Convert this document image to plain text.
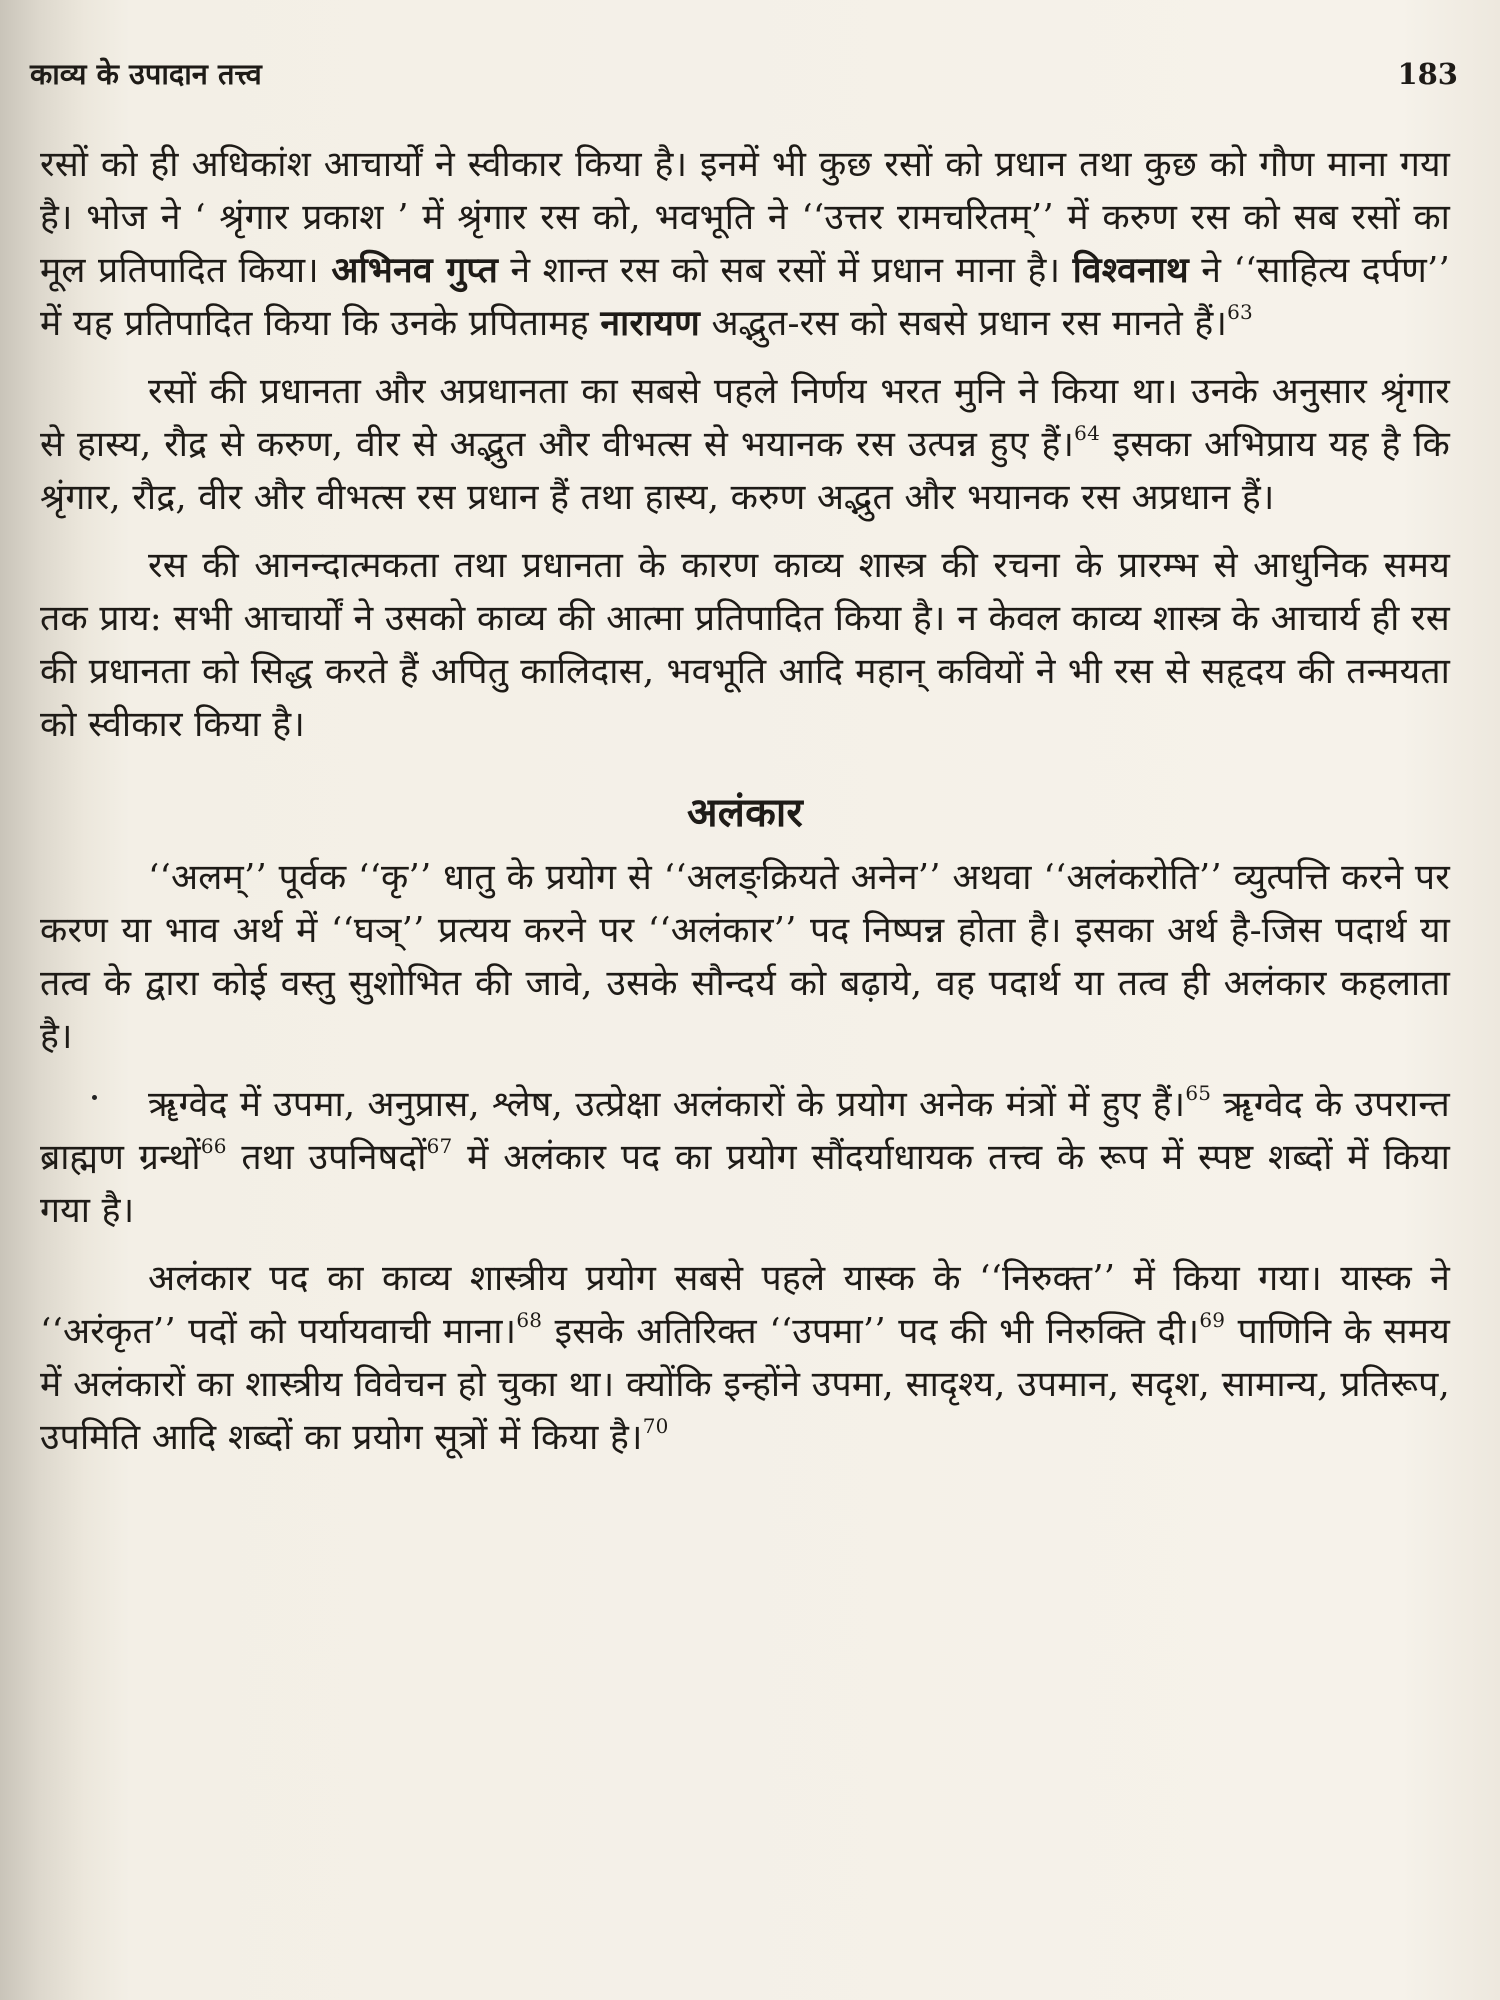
काव्य के उपादान तत्त्व	183

रसों को ही अधिकांश आचार्यों ने स्वीकार किया है। इनमें भी कुछ रसों को प्रधान तथा कुछ को गौण माना गया है। भोज ने ‘ श्रृंगार प्रकाश ’ में श्रृंगार रस को, भवभूति ने ‘‘उत्तर रामचरितम्’’ में करुण रस को सब रसों का मूल प्रतिपादित किया। अभिनव गुप्त ने शान्त रस को सब रसों में प्रधान माना है। विश्वनाथ ने ‘‘साहित्य दर्पण’’ में यह प्रतिपादित किया कि उनके प्रपितामह नारायण अद्भुत-रस को सबसे प्रधान रस मानते हैं।$^{63}$

रसों की प्रधानता और अप्रधानता का सबसे पहले निर्णय भरत मुनि ने किया था। उनके अनुसार श्रृंगार से हास्य, रौद्र से करुण, वीर से अद्भुत और वीभत्स से भयानक रस उत्पन्न हुए हैं।$^{64}$ इसका अभिप्राय यह है कि श्रृंगार, रौद्र, वीर और वीभत्स रस प्रधान हैं तथा हास्य, करुण अद्भुत और भयानक रस अप्रधान हैं।

रस की आनन्दात्मकता तथा प्रधानता के कारण काव्य शास्त्र की रचना के प्रारम्भ से आधुनिक समय तक प्राय: सभी आचार्यों ने उसको काव्य की आत्मा प्रतिपादित किया है। न केवल काव्य शास्त्र के आचार्य ही रस की प्रधानता को सिद्ध करते हैं अपितु कालिदास, भवभूति आदि महान् कवियों ने भी रस से सहृदय की तन्मयता को स्वीकार किया है।

अलंकार

‘‘अलम्’’ पूर्वक ‘‘कृ’’ धातु के प्रयोग से ‘‘अलङ्क्रियते अनेन’’ अथवा ‘‘अलंकरोति’’ व्युत्पत्ति करने पर करण या भाव अर्थ में ‘‘घञ्’’ प्रत्यय करने पर ‘‘अलंकार’’ पद निष्पन्न होता है। इसका अर्थ है-जिस पदार्थ या तत्व के द्वारा कोई वस्तु सुशोभित की जावे, उसके सौन्दर्य को बढ़ाये, वह पदार्थ या तत्व ही अलंकार कहलाता है।

ॠग्वेद में उपमा, अनुप्रास, श्लेष, उत्प्रेक्षा अलंकारों के प्रयोग अनेक मंत्रों में हुए हैं।$^{65}$ ॠग्वेद के उपरान्त ब्राह्मण ग्रन्थों$^{66}$ तथा उपनिषदों$^{67}$ में अलंकार पद का प्रयोग सौंदर्याधायक तत्त्व के रूप में स्पष्ट शब्दों में किया गया है।

अलंकार पद का काव्य शास्त्रीय प्रयोग सबसे पहले यास्क के ‘‘निरुक्त’’ में किया गया। यास्क ने ‘‘अरंकृत’’ पदों को पर्यायवाची माना।$^{68}$ इसके अतिरिक्त ‘‘उपमा’’ पद की भी निरुक्ति दी।$^{69}$ पाणिनि के समय में अलंकारों का शास्त्रीय विवेचन हो चुका था। क्योंकि इन्होंने उपमा, सादृश्य, उपमान, सदृश, सामान्य, प्रतिरूप, उपमिति आदि शब्दों का प्रयोग सूत्रों में किया है।$^{70}$
